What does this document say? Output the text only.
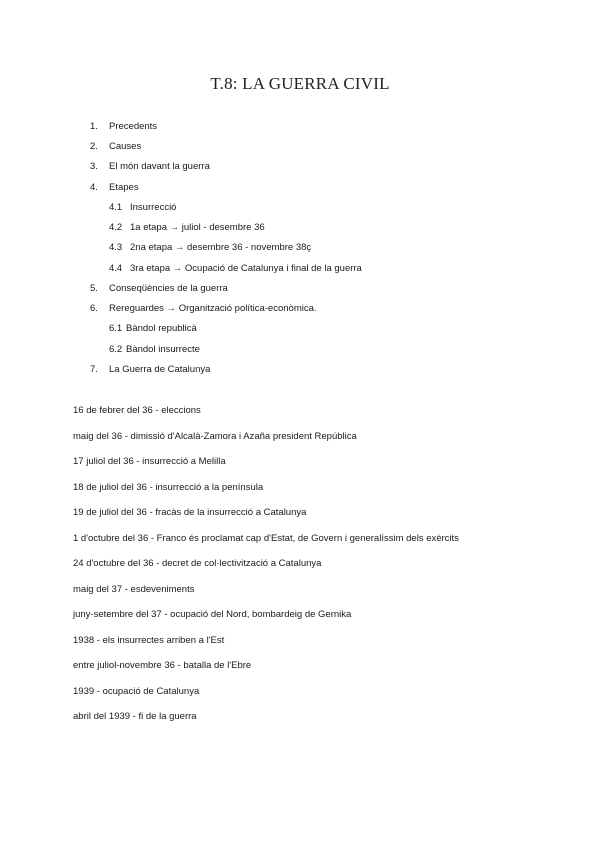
T.8: LA GUERRA CIVIL
1. Precedents
2. Causes
3. El món davant la guerra
4. Etapes
4.1 Insurrecció
4.2 1a etapa → juliol - desembre 36
4.3 2na etapa → desembre 36 - novembre 38ç
4.4 3ra etapa → Ocupació de Catalunya i final de la guerra
5. Conseqüències de la guerra
6. Rereguardes → Organització política-econòmica.
6.1 Bàndol republicà
6.2 Bàndol insurrecte
7. La Guerra de Catalunya
16 de febrer del 36 - eleccions
maig del 36 - dimissió d'Alcalà-Zamora i Azaña president República
17 juliol del 36 - insurrecció a Melilla
18 de juliol del 36 - insurrecció a la península
19 de juliol del 36 - fracàs de la insurrecció a Catalunya
1 d'octubre del 36 - Franco és proclamat cap d'Estat, de Govern i generalíssim dels exèrcits
24 d'octubre del 36 - decret de col·lectivització a Catalunya
maig del 37 - esdeveniments
juny-setembre del 37 - ocupació del Nord, bombardeig de Gernika
1938 - els insurrectes arriben a l'Est
entre juliol-novembre 36 - batalla de l'Ebre
1939 - ocupació de Catalunya
abril del 1939 - fi de la guerra
